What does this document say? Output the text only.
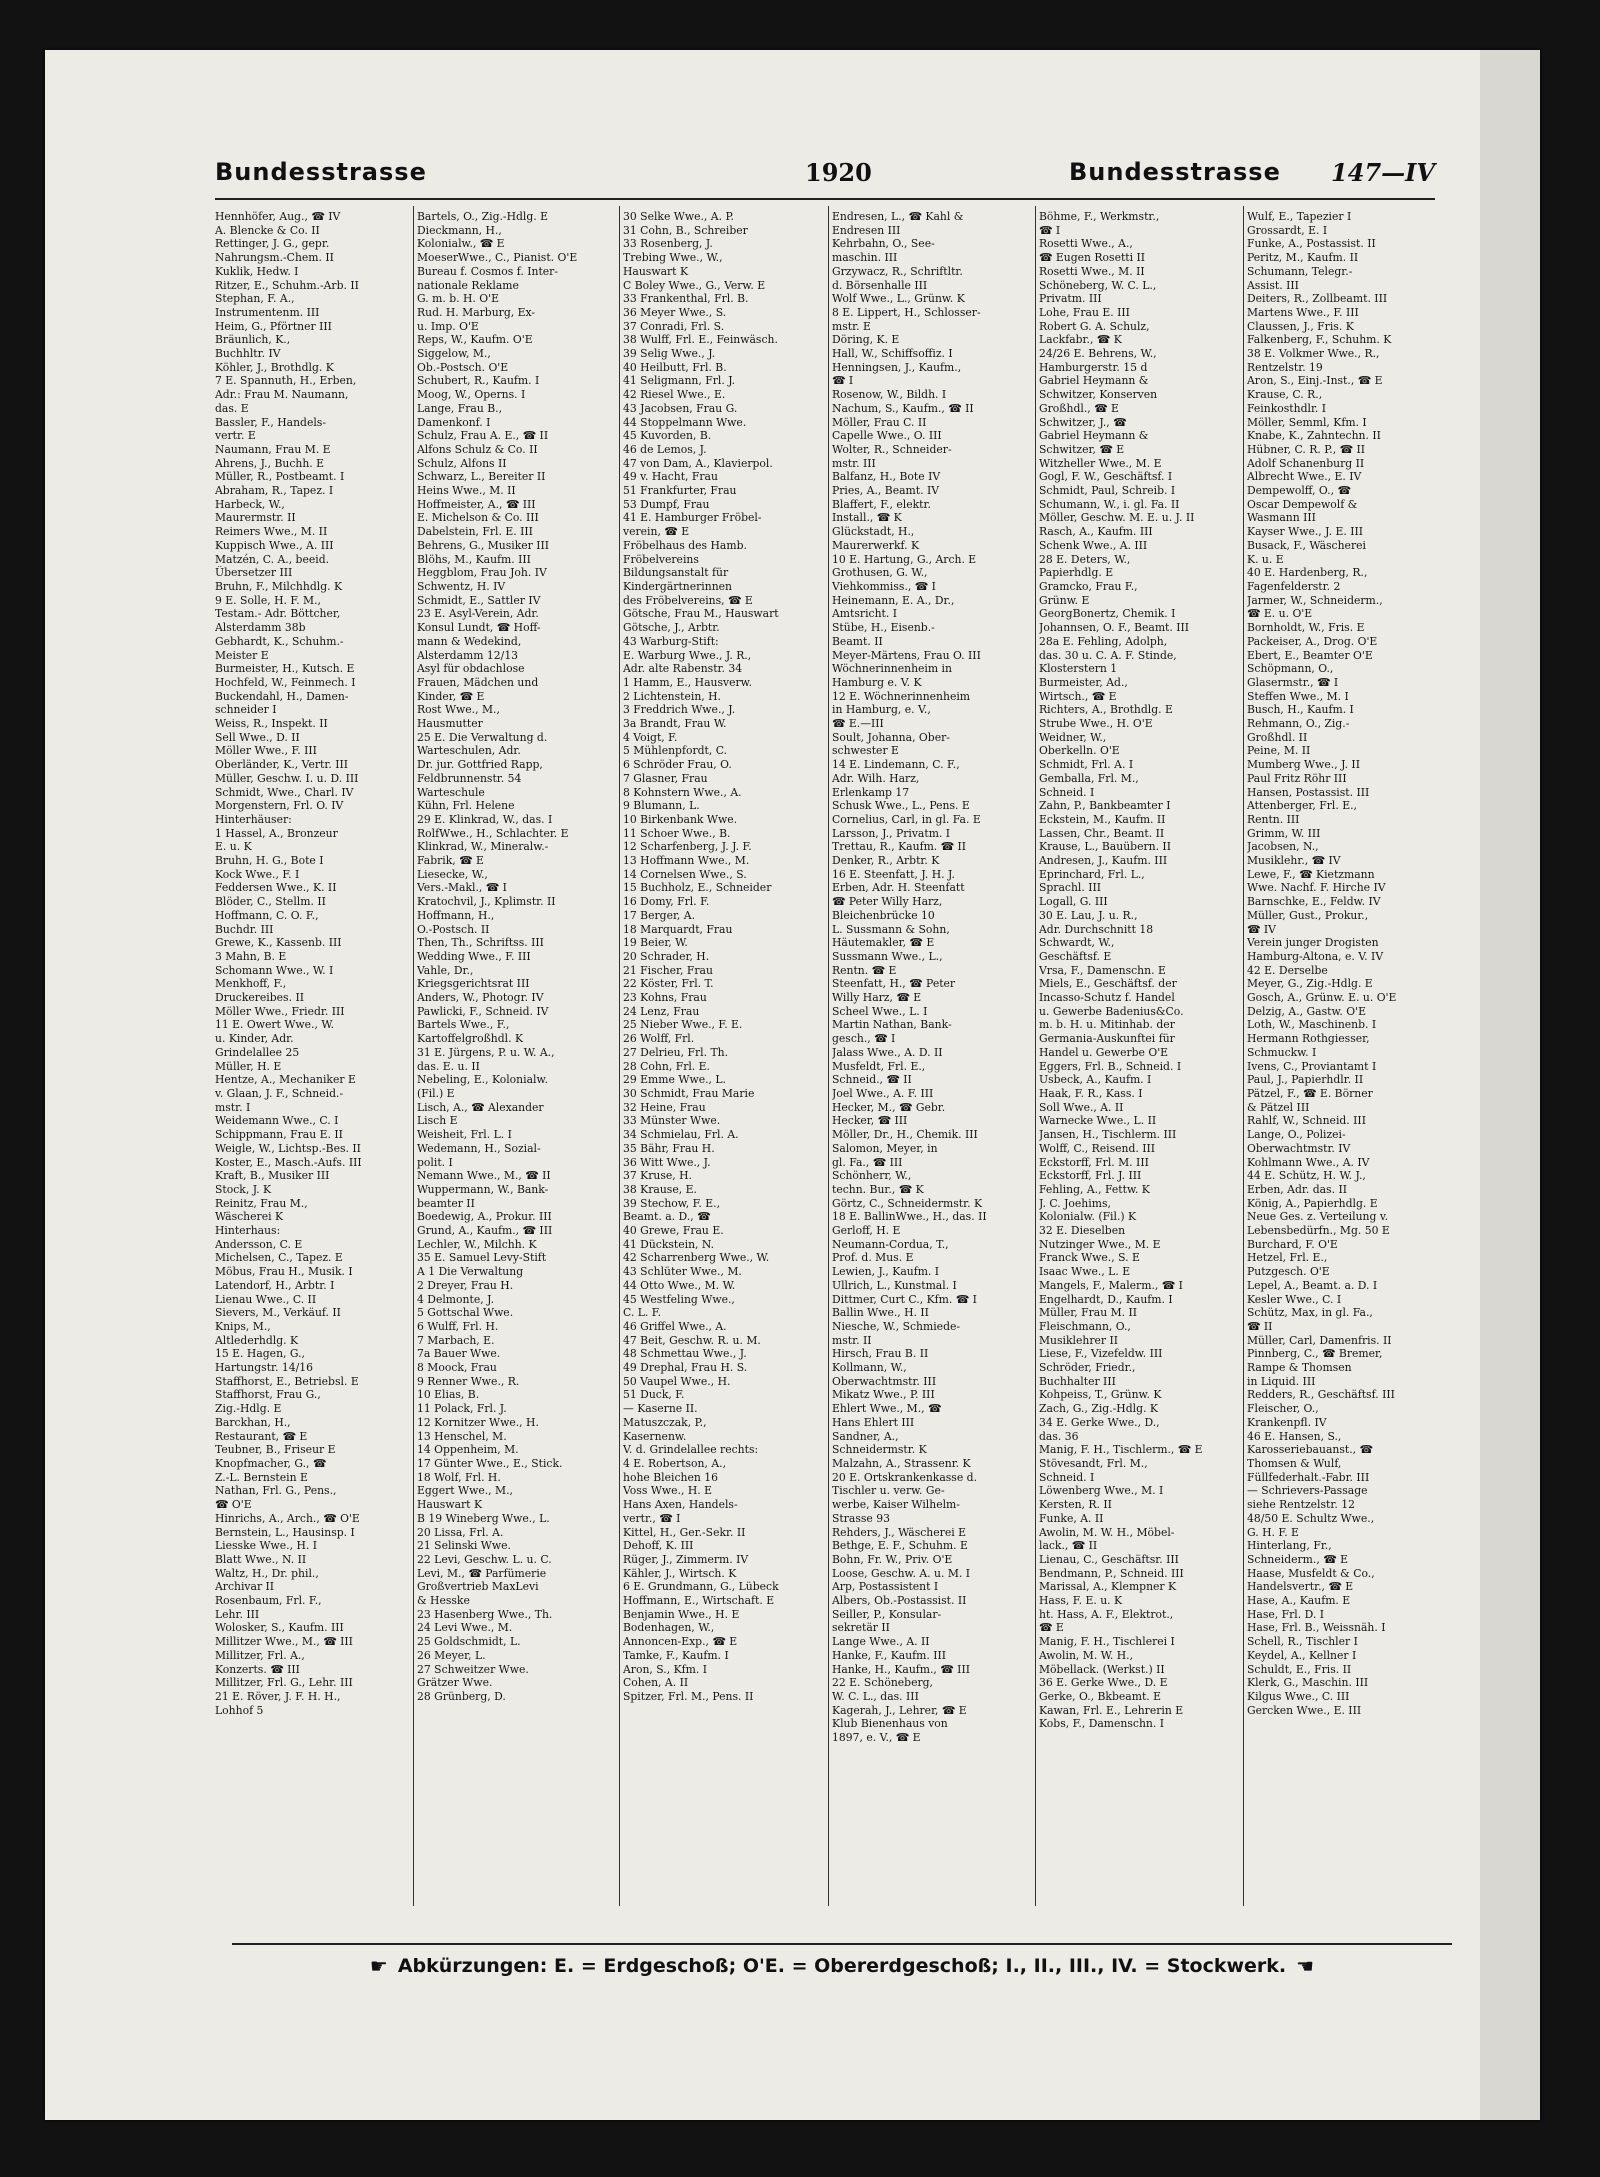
Bundesstrasse	1920	Bundesstrasse 147—IV
Hennhöfer, Aug., ☎ IV
A. Blencke & Co. II
Rettinger, J. G., gepr.
Nahrungsm.-Chem. II
Kuklik, Hedw. I
Ritzer, E., Schuhm.-Arb. II
Stephan, F. A.,
Instrumentenm. III
Heim, G., Pförtner III
Bräunlich, K.,
Buchhltr. IV
Köhler, J., Brothdlg. K
7 E. Spannuth, H., Erben,
Adr.: Frau M. Naumann,
das. E
Bassler, F., Handels-
vertr. E
Naumann, Frau M. E
Ahrens, J., Buchh. E
Müller, R., Postbeamt. I
Abraham, R., Tapez. I
Harbeck, W.,
Maurermstr. II
Reimers Wwe., M. II
Kuppisch Wwe., A. III
Matzén, C. A., beeid.
Übersetzer III
Bruhn, F., Milchhdlg. K
9 E. Solle, H. F. M.,
Testam.- Adr. Böttcher,
Alsterdamm 38b
Gebhardt, K., Schuhm.-
Meister E
Burmeister, H., Kutsch. E
Hochfeld, W., Feinmech. I
Buckendahl, H., Damen-
schneider I
Weiss, R., Inspekt. II
Sell Wwe., D. II
Möller Wwe., F. III
Oberländer, K., Vertr. III
Müller, Geschw. I. u. D. III
Schmidt, Wwe., Charl. IV
Morgenstern, Frl. O. IV
Hinterhäuser:
1 Hassel, A., Bronzeur
E. u. K
Bruhn, H. G., Bote I
Kock Wwe., F. I
Feddersen Wwe., K. II
Blöder, C., Stellm. II
Hoffmann, C. O. F.,
Buchdr. III
Grewe, K., Kassenb. III
3 Mahn, B. E
Schomann Wwe., W. I
Menkhoff, F.,
Druckereibes. II
Möller Wwe., Friedr. III
11 E. Owert Wwe., W.
u. Kinder, Adr.
Grindelallee 25
Müller, H. E
Hentze, A., Mechaniker E
v. Glaan, J. F., Schneid.-
mstr. I
Weidemann Wwe., C. I
Schippmann, Frau E. II
Weigle, W., Lichtsp.-Bes. II
Koster, E., Masch.-Aufs. III
Kraft, B., Musiker III
Stock, J. K
Reinitz, Frau M.,
Wäscherei K
Hinterhaus:
Andersson, C. E
Michelsen, C., Tapez. E
Möbus, Frau H., Musik. I
Latendorf, H., Arbtr. I
Lienau Wwe., C. II
Sievers, M., Verkäuf. II
Knips, M.,
Altlederhdlg. K
15 E. Hagen, G.,
Hartungstr. 14/16
Staffhorst, E., Betriebsl. E
Staffhorst, Frau G.,
Zig.-Hdlg. E
Barckhan, H.,
Restaurant, ☎ E
Teubner, B., Friseur E
Knopfmacher, G., ☎
Z.-L. Bernstein E
Nathan, Frl. G., Pens.,
☎ O'E
Hinrichs, A., Arch., ☎ O'E
Bernstein, L., Hausinsp. I
Liesske Wwe., H. I
Blatt Wwe., N. II
Waltz, H., Dr. phil.,
Archivar II
Rosenbaum, Frl. F.,
Lehr. III
Wolosker, S., Kaufm. III
Millitzer Wwe., M., ☎ III
Millitzer, Frl. A.,
Konzerts. ☎ III
Millitzer, Frl. G., Lehr. III
21 E. Röver, J. F. H. H.,
Lohhof 5
Bartels, O., Zig.-Hdlg. E
Dieckmann, H.,
Kolonialw., ☎ E
MoeserWwe., C., Pianist. O'E
Bureau f. Cosmos f. Inter-
nationale Reklame
G. m. b. H. O'E
Rud. H. Marburg, Ex-
u. Imp. O'E
Reps, W., Kaufm. O'E
Siggelow, M.,
Ob.-Postsch. O'E
Schubert, R., Kaufm. I
Moog, W., Operns. I
Lange, Frau B.,
Damenkonf. I
Schulz, Frau A. E., ☎ II
Alfons Schulz & Co. II
Schulz, Alfons II
Schwarz, L., Bereiter II
Heins Wwe., M. II
Hoffmeister, A., ☎ III
E. Michelson & Co. III
Dabelstein, Frl. E. III
Behrens, G., Musiker III
Blöhs, M., Kaufm. III
Heggblom, Frau Joh. IV
Schwentz, H. IV
Schmidt, E., Sattler IV
23 E. Asyl-Verein, Adr.
Konsul Lundt, ☎ Hoff-
mann & Wedekind,
Alsterdamm 12/13
Asyl für obdachlose
Frauen, Mädchen und
Kinder, ☎ E
Rost Wwe., M.,
Hausmutter
25 E. Die Verwaltung d.
Warteschulen, Adr.
Dr. jur. Gottfried Rapp,
Feldbrunnenstr. 54
Warteschule
Kühn, Frl. Helene
29 E. Klinkrad, W., das. I
RolfWwe., H., Schlachter. E
Klinkrad, W., Mineralw.-
Fabrik, ☎ E
Liesecke, W.,
Vers.-Makl., ☎ I
Kratochvil, J., Kplimstr. II
Hoffmann, H.,
O.-Postsch. II
Then, Th., Schriftss. III
Wedding Wwe., F. III
Vahle, Dr.,
Kriegsgerichtsrat III
Anders, W., Photogr. IV
Pawlicki, F., Schneid. IV
Bartels Wwe., F.,
Kartoffelgroßhdl. K
31 E. Jürgens, P. u. W. A.,
das. E. u. II
Nebeling, E., Kolonialw.
(Fil.) E
Lisch, A., ☎ Alexander
Lisch E
Weisheit, Frl. L. I
Wedemann, H., Sozial-
polit. I
Nemann Wwe., M., ☎ II
Wuppermann, W., Bank-
beamter II
Boedewig, A., Prokur. III
Grund, A., Kaufm., ☎ III
Lechler, W., Milchh. K
35 E. Samuel Levy-Stift
A 1 Die Verwaltung
2 Dreyer, Frau H.
4 Delmonte, J.
5 Gottschal Wwe.
6 Wulff, Frl. H.
7 Marbach, E.
7a Bauer Wwe.
8 Moock, Frau
9 Renner Wwe., R.
10 Elias, B.
11 Polack, Frl. J.
12 Kornitzer Wwe., H.
13 Henschel, M.
14 Oppenheim, M.
17 Günter Wwe., E., Stick.
18 Wolf, Frl. H.
Eggert Wwe., M.,
Hauswart K
B 19 Wineberg Wwe., L.
20 Lissa, Frl. A.
21 Selinski Wwe.
22 Levi, Geschw. L. u. C.
Levi, M., ☎ Parfümerie
Großvertrieb MaxLevi
& Hesske
23 Hasenberg Wwe., Th.
24 Levi Wwe., M.
25 Goldschmidt, L.
26 Meyer, L.
27 Schweitzer Wwe.
Grätzer Wwe.
28 Grünberg, D.
30 Selke Wwe., A. P.
31 Cohn, B., Schreiber
33 Rosenberg, J.
Trebing Wwe., W.,
Hauswart K
C Boley Wwe., G., Verw. E
33 Frankenthal, Frl. B.
36 Meyer Wwe., S.
37 Conradi, Frl. S.
38 Wulff, Frl. E., Feinwäsch.
39 Selig Wwe., J.
40 Heilbutt, Frl. B.
41 Seligmann, Frl. J.
42 Riesel Wwe., E.
43 Jacobsen, Frau G.
44 Stoppelmann Wwe.
45 Kuvorden, B.
46 de Lemos, J.
47 von Dam, A., Klavierpol.
49 v. Hacht, Frau
51 Frankfurter, Frau
53 Dumpf, Frau
41 E. Hamburger Fröbel-
verein, ☎ E
Fröbelhaus des Hamb.
Fröbelvereins
Bildungsanstalt für
Kindergärtnerinnen
des Fröbelvereins, ☎ E
Götsche, Frau M., Hauswart
Götsche, J., Arbtr.
43 Warburg-Stift:
E. Warburg Wwe., J. R.,
Adr. alte Rabenstr. 34
1 Hamm, E., Hausverw.
2 Lichtenstein, H.
3 Freddrich Wwe., J.
3a Brandt, Frau W.
4 Voigt, F.
5 Mühlenpfordt, C.
6 Schröder Frau, O.
7 Glasner, Frau
8 Kohnstern Wwe., A.
9 Blumann, L.
10 Birkenbank Wwe.
11 Schoer Wwe., B.
12 Scharfenberg, J. J. F.
13 Hoffmann Wwe., M.
14 Cornelsen Wwe., S.
15 Buchholz, E., Schneider
16 Domy, Frl. F.
17 Berger, A.
18 Marquardt, Frau
19 Beier, W.
20 Schrader, H.
21 Fischer, Frau
22 Köster, Frl. T.
23 Kohns, Frau
24 Lenz, Frau
25 Nieber Wwe., F. E.
26 Wolff, Frl.
27 Delrieu, Frl. Th.
28 Cohn, Frl. E.
29 Emme Wwe., L.
30 Schmidt, Frau Marie
32 Heine, Frau
33 Münster Wwe.
34 Schmielau, Frl. A.
35 Bähr, Frau H.
36 Witt Wwe., J.
37 Kruse, H.
38 Krause, E.
39 Stechow, F. E.,
Beamt. a. D., ☎
40 Grewe, Frau E.
41 Dückstein, N.
42 Scharrenberg Wwe., W.
43 Schlüter Wwe., M.
44 Otto Wwe., M. W.
45 Westfeling Wwe.,
C. L. F.
46 Griffel Wwe., A.
47 Beit, Geschw. R. u. M.
48 Schmettau Wwe., J.
49 Drephal, Frau H. S.
50 Vaupel Wwe., H.
51 Duck, F.
— Kaserne II.
Matuszczak, P.,
Kasernenw.
V. d. Grindelallee rechts:
4 E. Robertson, A.,
hohe Bleichen 16
Voss Wwe., H. E
Hans Axen, Handels-
vertr., ☎ I
Kittel, H., Ger.-Sekr. II
Dehoff, K. III
Rüger, J., Zimmerm. IV
Kähler, J., Wirtsch. K
6 E. Grundmann, G., Lübeck
Hoffmann, E., Wirtschaft. E
Benjamin Wwe., H. E
Bodenhagen, W.,
Annoncen-Exp., ☎ E
Tamke, F., Kaufm. I
Aron, S., Kfm. I
Cohen, A. II
Spitzer, Frl. M., Pens. II
Endresen, L., ☎ Kahl &
Endresen III
Kehrbahn, O., See-
maschin. III
Grzywacz, R., Schriftltr.
d. Börsenhalle III
Wolf Wwe., L., Grünw. K
8 E. Lippert, H., Schlosser-
mstr. E
Döring, K. E
Hall, W., Schiffsoffiz. I
Henningsen, J., Kaufm.,
☎ I
Rosenow, W., Bildh. I
Nachum, S., Kaufm., ☎ II
Möller, Frau C. II
Capelle Wwe., O. III
Wolter, R., Schneider-
mstr. III
Balfanz, H., Bote IV
Pries, A., Beamt. IV
Blaffert, F., elektr.
Install., ☎ K
Glückstadt, H.,
Maurerwerkf. K
10 E. Hartung, G., Arch. E
Grothusen, G. W.,
Viehkommiss., ☎ I
Heinemann, E. A., Dr.,
Amtsricht. I
Stübe, H., Eisenb.-
Beamt. II
Meyer-Märtens, Frau O. III
Wöchnerinnenheim in
Hamburg e. V. K
12 E. Wöchnerinnenheim
in Hamburg, e. V.,
☎ E.—III
Soult, Johanna, Ober-
schwester E
14 E. Lindemann, C. F.,
Adr. Wilh. Harz,
Erlenkamp 17
Schusk Wwe., L., Pens. E
Cornelius, Carl, in gl. Fa. E
Larsson, J., Privatm. I
Trettau, R., Kaufm. ☎ II
Denker, R., Arbtr. K
16 E. Steenfatt, J. H. J.
Erben, Adr. H. Steenfatt
☎ Peter Willy Harz,
Bleichenbrücke 10
L. Sussmann & Sohn,
Häutemakler, ☎ E
Sussmann Wwe., L.,
Rentn. ☎ E
Steenfatt, H., ☎ Peter
Willy Harz, ☎ E
Scheel Wwe., L. I
Martin Nathan, Bank-
gesch., ☎ I
Jalass Wwe., A. D. II
Musfeldt, Frl. E.,
Schneid., ☎ II
Joel Wwe., A. F. III
Hecker, M., ☎ Gebr.
Hecker, ☎ III
Möller, Dr., H., Chemik. III
Salomon, Meyer, in
gl. Fa., ☎ III
Schönherr, W.,
techn. Bur., ☎ K
Görtz, C., Schneidermstr. K
18 E. BallinWwe., H., das. II
Gerloff, H. E
Neumann-Cordua, T.,
Prof. d. Mus. E
Lewien, J., Kaufm. I
Ullrich, L., Kunstmal. I
Dittmer, Curt C., Kfm. ☎ I
Ballin Wwe., H. II
Niesche, W., Schmiede-
mstr. II
Hirsch, Frau B. II
Kollmann, W.,
Oberwachtmstr. III
Mikatz Wwe., P. III
Ehlert Wwe., M., ☎
Hans Ehlert III
Sandner, A.,
Schneidermstr. K
Malzahn, A., Strassenr. K
20 E. Ortskrankenkasse d.
Tischler u. verw. Ge-
werbe, Kaiser Wilhelm-
Strasse 93
Rehders, J., Wäscherei E
Bethge, E. F., Schuhm. E
Bohn, Fr. W., Priv. O'E
Loose, Geschw. A. u. M. I
Arp, Postassistent I
Albers, Ob.-Postassist. II
Seiller, P., Konsular-
sekretär II
Lange Wwe., A. II
Hanke, F., Kaufm. III
Hanke, H., Kaufm., ☎ III
22 E. Schöneberg,
W. C. L., das. III
Kagerah, J., Lehrer, ☎ E
Klub Bienenhaus von
1897, e. V., ☎ E
Böhme, F., Werkmstr.,
☎ I
Rosetti Wwe., A.,
☎ Eugen Rosetti II
Rosetti Wwe., M. II
Schöneberg, W. C. L.,
Privatm. III
Lohe, Frau E. III
Robert G. A. Schulz,
Lackfabr., ☎ K
24/26 E. Behrens, W.,
Hamburgerstr. 15 d
Gabriel Heymann &
Schwitzer, Konserven
Großhdl., ☎ E
Schwitzer, J., ☎
Gabriel Heymann &
Schwitzer, ☎ E
Witzheller Wwe., M. E
Gogl, F. W., Geschäftsf. I
Schmidt, Paul, Schreib. I
Schumann, W., i. gl. Fa. II
Möller, Geschw. M. E. u. J. II
Rasch, A., Kaufm. III
Schenk Wwe., A. III
28 E. Deters, W.,
Papierhdlg. E
Gramcko, Frau F.,
Grünw. E
GeorgBonertz, Chemik. I
Johannsen, O. F., Beamt. III
28a E. Fehling, Adolph,
das. 30 u. C. A. F. Stinde,
Klosterstern 1
Burmeister, Ad.,
Wirtsch., ☎ E
Richters, A., Brothdlg. E
Strube Wwe., H. O'E
Weidner, W.,
Oberkelln. O'E
Schmidt, Frl. A. I
Gemballa, Frl. M.,
Schneid. I
Zahn, P., Bankbeamter I
Eckstein, M., Kaufm. II
Lassen, Chr., Beamt. II
Krause, L., Bauübern. II
Andresen, J., Kaufm. III
Eprinchard, Frl. L.,
Sprachl. III
Logall, G. III
30 E. Lau, J. u. R.,
Adr. Durchschnitt 18
Schwardt, W.,
Geschäftsf. E
Vrsa, F., Damenschn. E
Miels, E., Geschäftsf. der
Incasso-Schutz f. Handel
u. Gewerbe Badenius&Co.
m. b. H. u. Mitinhab. der
Germania-Auskunftei für
Handel u. Gewerbe O'E
Eggers, Frl. B., Schneid. I
Usbeck, A., Kaufm. I
Haak, F. R., Kass. I
Soll Wwe., A. II
Warnecke Wwe., L. II
Jansen, H., Tischlerm. III
Wolff, C., Reisend. III
Eckstorff, Frl. M. III
Eckstorff, Frl. J. III
Fehling, A., Fettw. K
J. C. Joehims,
Kolonialw. (Fil.) K
32 E. Dieselben
Nutzinger Wwe., M. E
Franck Wwe., S. E
Isaac Wwe., L. E
Mangels, F., Malerm., ☎ I
Engelhardt, D., Kaufm. I
Müller, Frau M. II
Fleischmann, O.,
Musiklehrer II
Liese, F., Vizefeldw. III
Schröder, Friedr.,
Buchhalter III
Kohpeiss, T., Grünw. K
Zach, G., Zig.-Hdlg. K
34 E. Gerke Wwe., D.,
das. 36
Manig, F. H., Tischlerm., ☎ E
Stövesandt, Frl. M.,
Schneid. I
Löwenberg Wwe., M. I
Kersten, R. II
Funke, A. II
Awolin, M. W. H., Möbel-
lack., ☎ II
Lienau, C., Geschäftsr. III
Bendmann, P., Schneid. III
Marissal, A., Klempner K
Hass, F. E. u. K
ht. Hass, A. F., Elektrot.,
☎ E
Manig, F. H., Tischlerei I
Awolin, M. W. H.,
Möbellack. (Werkst.) II
36 E. Gerke Wwe., D. E
Gerke, O., Bkbeamt. E
Kawan, Frl. E., Lehrerin E
Kobs, F., Damenschn. I
Wulf, E., Tapezier I
Grossardt, E. I
Funke, A., Postassist. II
Peritz, M., Kaufm. II
Schumann, Telegr.-
Assist. III
Deiters, R., Zollbeamt. III
Martens Wwe., F. III
Claussen, J., Fris. K
Falkenberg, F., Schuhm. K
38 E. Volkmer Wwe., R.,
Rentzelstr. 19
Aron, S., Einj.-Inst., ☎ E
Krause, C. R.,
Feinkosthdlr. I
Möller, Semml, Kfm. I
Knabe, K., Zahntechn. II
Hübner, C. R. P., ☎ II
Adolf Schanenburg II
Albrecht Wwe., E. IV
Dempewolff, O., ☎
Oscar Dempewolf &
Wasmann III
Kayser Wwe., J. E. III
Busack, F., Wäscherei
K. u. E
40 E. Hardenberg, R.,
Fagenfelderstr. 2
Jarmer, W., Schneiderm.,
☎ E. u. O'E
Bornholdt, W., Fris. E
Packeiser, A., Drog. O'E
Ebert, E., Beamter O'E
Schöpmann, O.,
Glasermstr., ☎ I
Steffen Wwe., M. I
Busch, H., Kaufm. I
Rehmann, O., Zig.-
Großhdl. II
Peine, M. II
Mumberg Wwe., J. II
Paul Fritz Röhr III
Hansen, Postassist. III
Attenberger, Frl. E.,
Rentn. III
Grimm, W. III
Jacobsen, N.,
Musiklehr., ☎ IV
Lewe, F., ☎ Kietzmann
Wwe. Nachf. F. Hirche IV
Barnschke, E., Feldw. IV
Müller, Gust., Prokur.,
☎ IV
Verein junger Drogisten
Hamburg-Altona, e. V. IV
42 E. Derselbe
Meyer, G., Zig.-Hdlg. E
Gosch, A., Grünw. E. u. O'E
Delzig, A., Gastw. O'E
Loth, W., Maschinenb. I
Hermann Rothgiesser,
Schmuckw. I
Ivens, C., Proviantamt I
Paul, J., Papierhdlr. II
Pätzel, F., ☎ E. Börner
& Pätzel III
Rahlf, W., Schneid. III
Lange, O., Polizei-
Oberwachtmstr. IV
Kohlmann Wwe., A. IV
44 E. Schütz, H. W. J.,
Erben, Adr. das. II
König, A., Papierhdlg. E
Neue Ges. z. Verteilung v.
Lebensbedürfn., Mg. 50 E
Burchard, F. O'E
Hetzel, Frl. E.,
Putzgesch. O'E
Lepel, A., Beamt. a. D. I
Kesler Wwe., C. I
Schütz, Max, in gl. Fa.,
☎ II
Müller, Carl, Damenfris. II
Pinnberg, C., ☎ Bremer,
Rampe & Thomsen
in Liquid. III
Redders, R., Geschäftsf. III
Fleischer, O.,
Krankenpfl. IV
46 E. Hansen, S.,
Karosseriebauanst., ☎
Thomsen & Wulf,
Füllfederhalt.-Fabr. III
— Schrievers-Passage
siehe Rentzelstr. 12
48/50 E. Schultz Wwe.,
G. H. F. E
Hinterlang, Fr.,
Schneiderm., ☎ E
Haase, Musfeldt & Co.,
Handelsvertr., ☎ E
Hase, A., Kaufm. E
Hase, Frl. D. I
Hase, Frl. B., Weissnäh. I
Schell, R., Tischler I
Keydel, A., Kellner I
Schuldt, E., Fris. II
Klerk, G., Maschin. III
Kilgus Wwe., C. III
Gercken Wwe., E. III
☛ Abkürzungen: E. = Erdgeschoß; O'E. = Obererdgeschoß; I., II., III., IV. = Stockwerk. ☚
